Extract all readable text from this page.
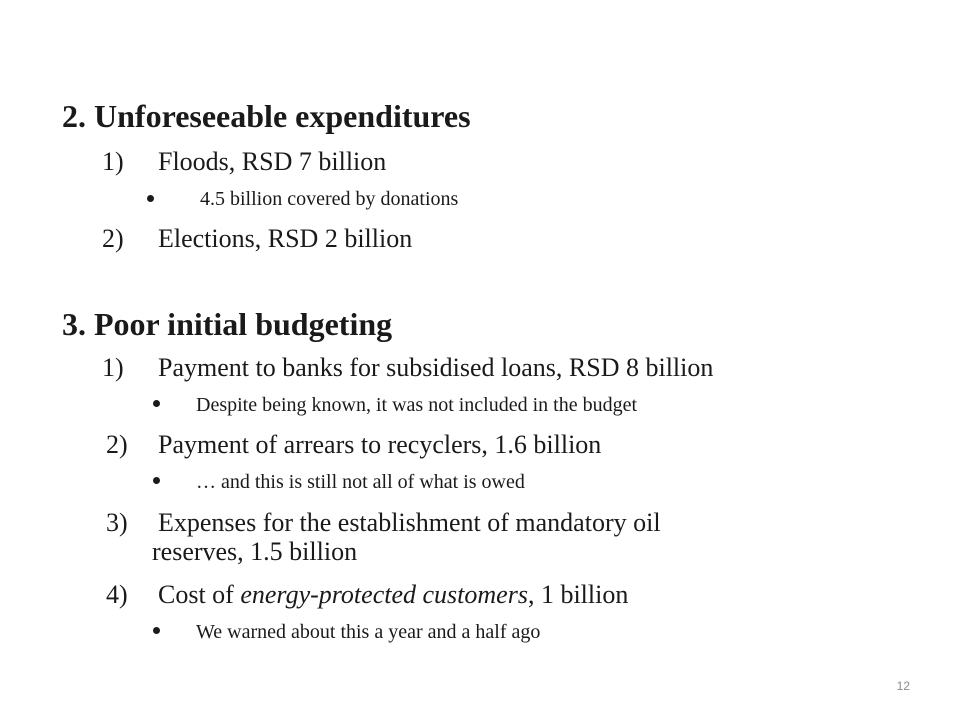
2. Unforeseeable expenditures
1) Floods, RSD 7 billion
4.5 billion covered by donations
2) Elections, RSD 2 billion
3. Poor initial budgeting
1) Payment to banks for subsidised loans, RSD 8 billion
Despite being known, it was not included in the budget
2) Payment of arrears to recyclers, 1.6 billion
… and this is still not all of what is owed
3) Expenses for the establishment of mandatory oil
reserves, 1.5 billion
4) Cost of energy-protected customers, 1 billion
We warned about this a year and a half ago
12
